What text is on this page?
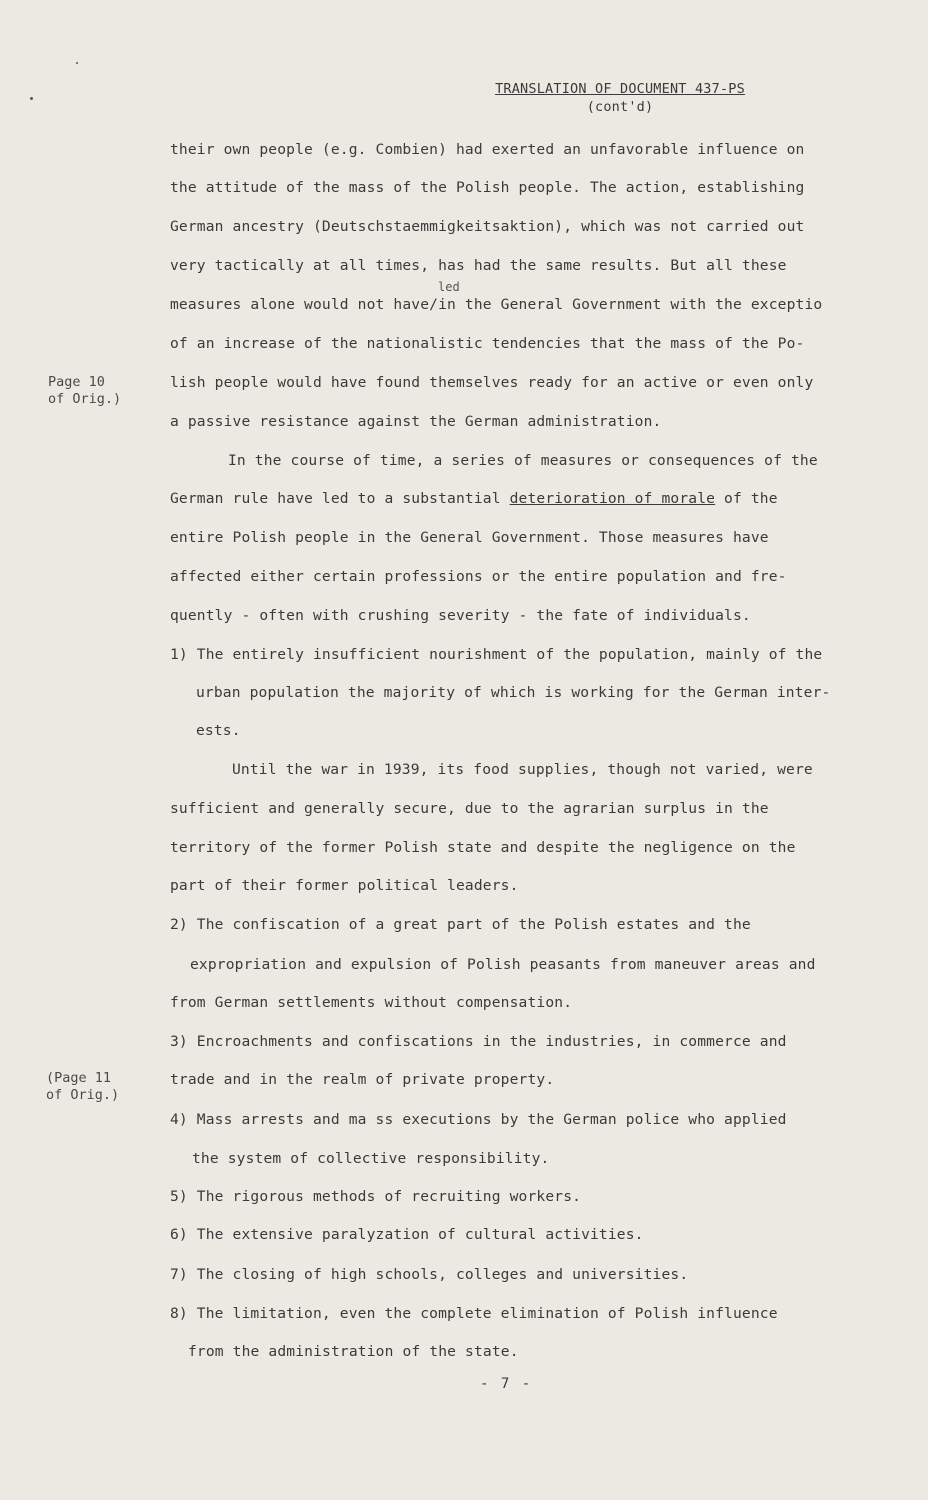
TRANSLATION OF DOCUMENT 437-PS
(cont'd)
Page 10
of Orig.)
(Page 11
of Orig.)
led
their own people (e.g. Combien) had exerted an unfavorable influence on
the attitude of the mass of the Polish people. The action, establishing
German ancestry (Deutschstaemmigkeitsaktion), which was not carried out
very tactically at all times, has had the same results. But all these
measures alone would not have/in the General Government with the exceptio
of an increase of the nationalistic tendencies that the mass of the Po-
lish people would have found themselves ready for an active or even only
a passive resistance against the German administration.
In the course of time, a series of measures or consequences of the
German rule have led to a substantial deterioration of morale of the
entire Polish people in the General Government. Those measures have
affected either certain professions or the entire population and fre-
quently - often with crushing severity - the fate of individuals.
1) The entirely insufficient nourishment of the population, mainly of the
urban population the majority of which is working for the German inter-
ests.
Until the war in 1939, its food supplies, though not varied, were
sufficient and generally secure, due to the agrarian surplus in the
territory of the former Polish state and despite the negligence on the
part of their former political leaders.
2) The confiscation of a great part of the Polish estates and the
expropriation and expulsion of Polish peasants from maneuver areas and
from German settlements without compensation.
3) Encroachments and confiscations in the industries, in commerce and
trade and in the realm of private property.
4) Mass arrests and ma ss executions by the German police who applied
the system of collective responsibility.
5) The rigorous methods of recruiting workers.
6) The extensive paralyzation of cultural activities.
7) The closing of high schools, colleges and universities.
8) The limitation, even the complete elimination of Polish influence
from the administration of the state.
- 7 -
